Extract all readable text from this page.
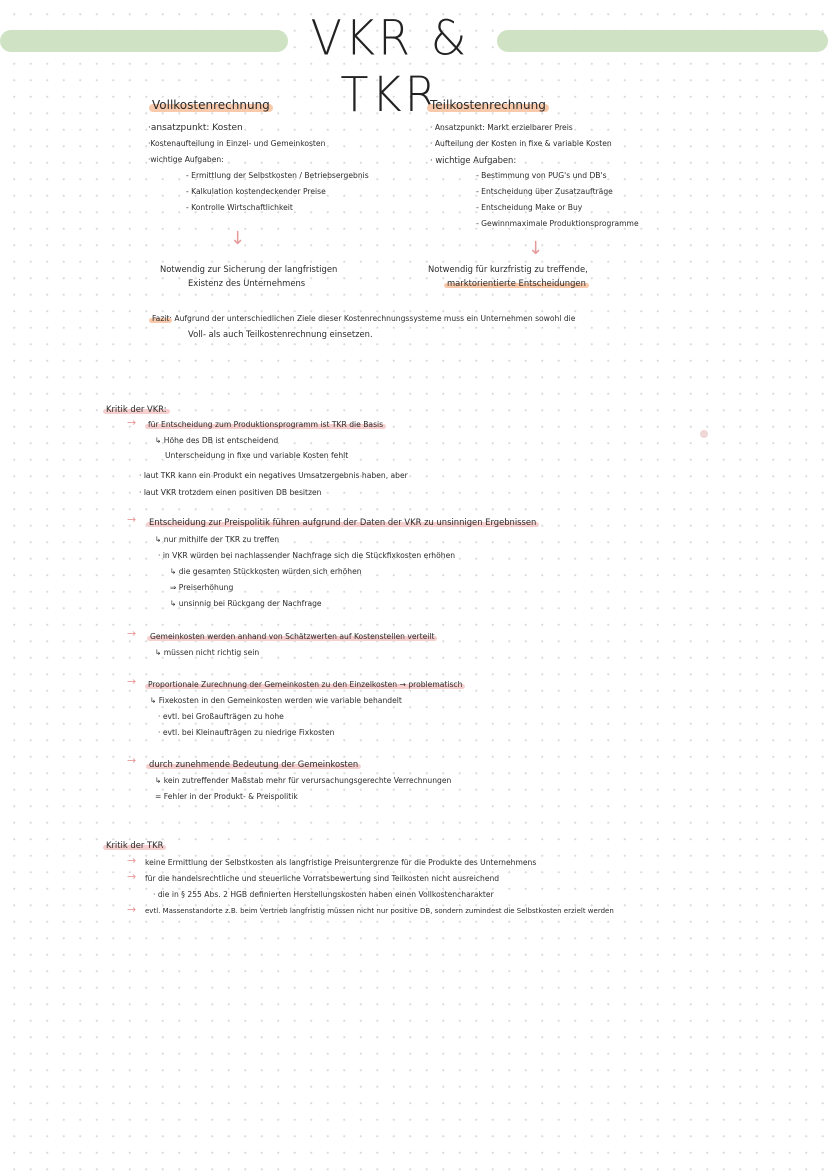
VKR & TKR
Vollkostenrechnung
·ansatzpunkt: Kosten
·Kostenaufteilung in Einzel- und Gemeinkosten
·wichtige Aufgaben:
- Ermittlung der Selbstkosten / Betriebsergebnis
- Kalkulation kostendeckender Preise
- Kontrolle Wirtschaftlichkeit
↓
Notwendig zur Sicherung der langfristigen
Existenz des Unternehmens
Teilkostenrechnung
· Ansatzpunkt: Markt erzielbarer Preis
· Aufteilung der Kosten in fixe & variable Kosten
· wichtige Aufgaben:
- Bestimmung von PUG's und DB's
- Entscheidung über Zusatzaufträge
- Entscheidung Make or Buy
- Gewinnmaximale Produktionsprogramme
↓
Notwendig für kurzfristig zu treffende,
marktorientierte Entscheidungen
Fazit: Aufgrund der unterschiedlichen Ziele dieser Kostenrechnungssysteme muss ein Unternehmen sowohl die
Voll- als auch Teilkostenrechnung einsetzen.
Kritik der VKR:
→ für Entscheidung zum Produktionsprogramm ist TKR die Basis
↳ Höhe des DB ist entscheidend
Unterscheidung in fixe und variable Kosten fehlt
· laut TKR kann ein Produkt ein negatives Umsatzergebnis haben, aber
· laut VKR trotzdem einen positiven DB besitzen
→ Entscheidung zur Preispolitik führen aufgrund der Daten der VKR zu unsinnigen Ergebnissen
↳ nur mithilfe der TKR zu treffen
· in VKR würden bei nachlassender Nachfrage sich die Stückfixkosten erhöhen
↳ die gesamten Stückkosten würden sich erhöhen
⇒ Preiserhöhung
↳ unsinnig bei Rückgang der Nachfrage
→ Gemeinkosten werden anhand von Schätzwerten auf Kostenstellen verteilt
↳ müssen nicht richtig sein
→ Proportionale Zurechnung der Gemeinkosten zu den Einzelkosten → problematisch
↳ Fixekosten in den Gemeinkosten werden wie variable behandelt
· evtl. bei Großaufträgen zu hohe
· evtl. bei Kleinaufträgen zu niedrige Fixkosten
→ durch zunehmende Bedeutung der Gemeinkosten
↳ kein zutreffender Maßstab mehr für verursachungsgerechte Verrechnungen
= Fehler in der Produkt- & Preispolitik
Kritik der TKR
→ keine Ermittlung der Selbstkosten als langfristige Preisuntergrenze für die Produkte des Unternehmens
→ für die handelsrechtliche und steuerliche Vorratsbewertung sind Teilkosten nicht ausreichend
· die in § 255 Abs. 2 HGB definierten Herstellungskosten haben einen Vollkostencharakter
→ evtl. Massenstandorte z.B. beim Vertrieb langfristig müssen nicht nur positive DB, sondern zumindest die Selbstkosten erzielt werden
